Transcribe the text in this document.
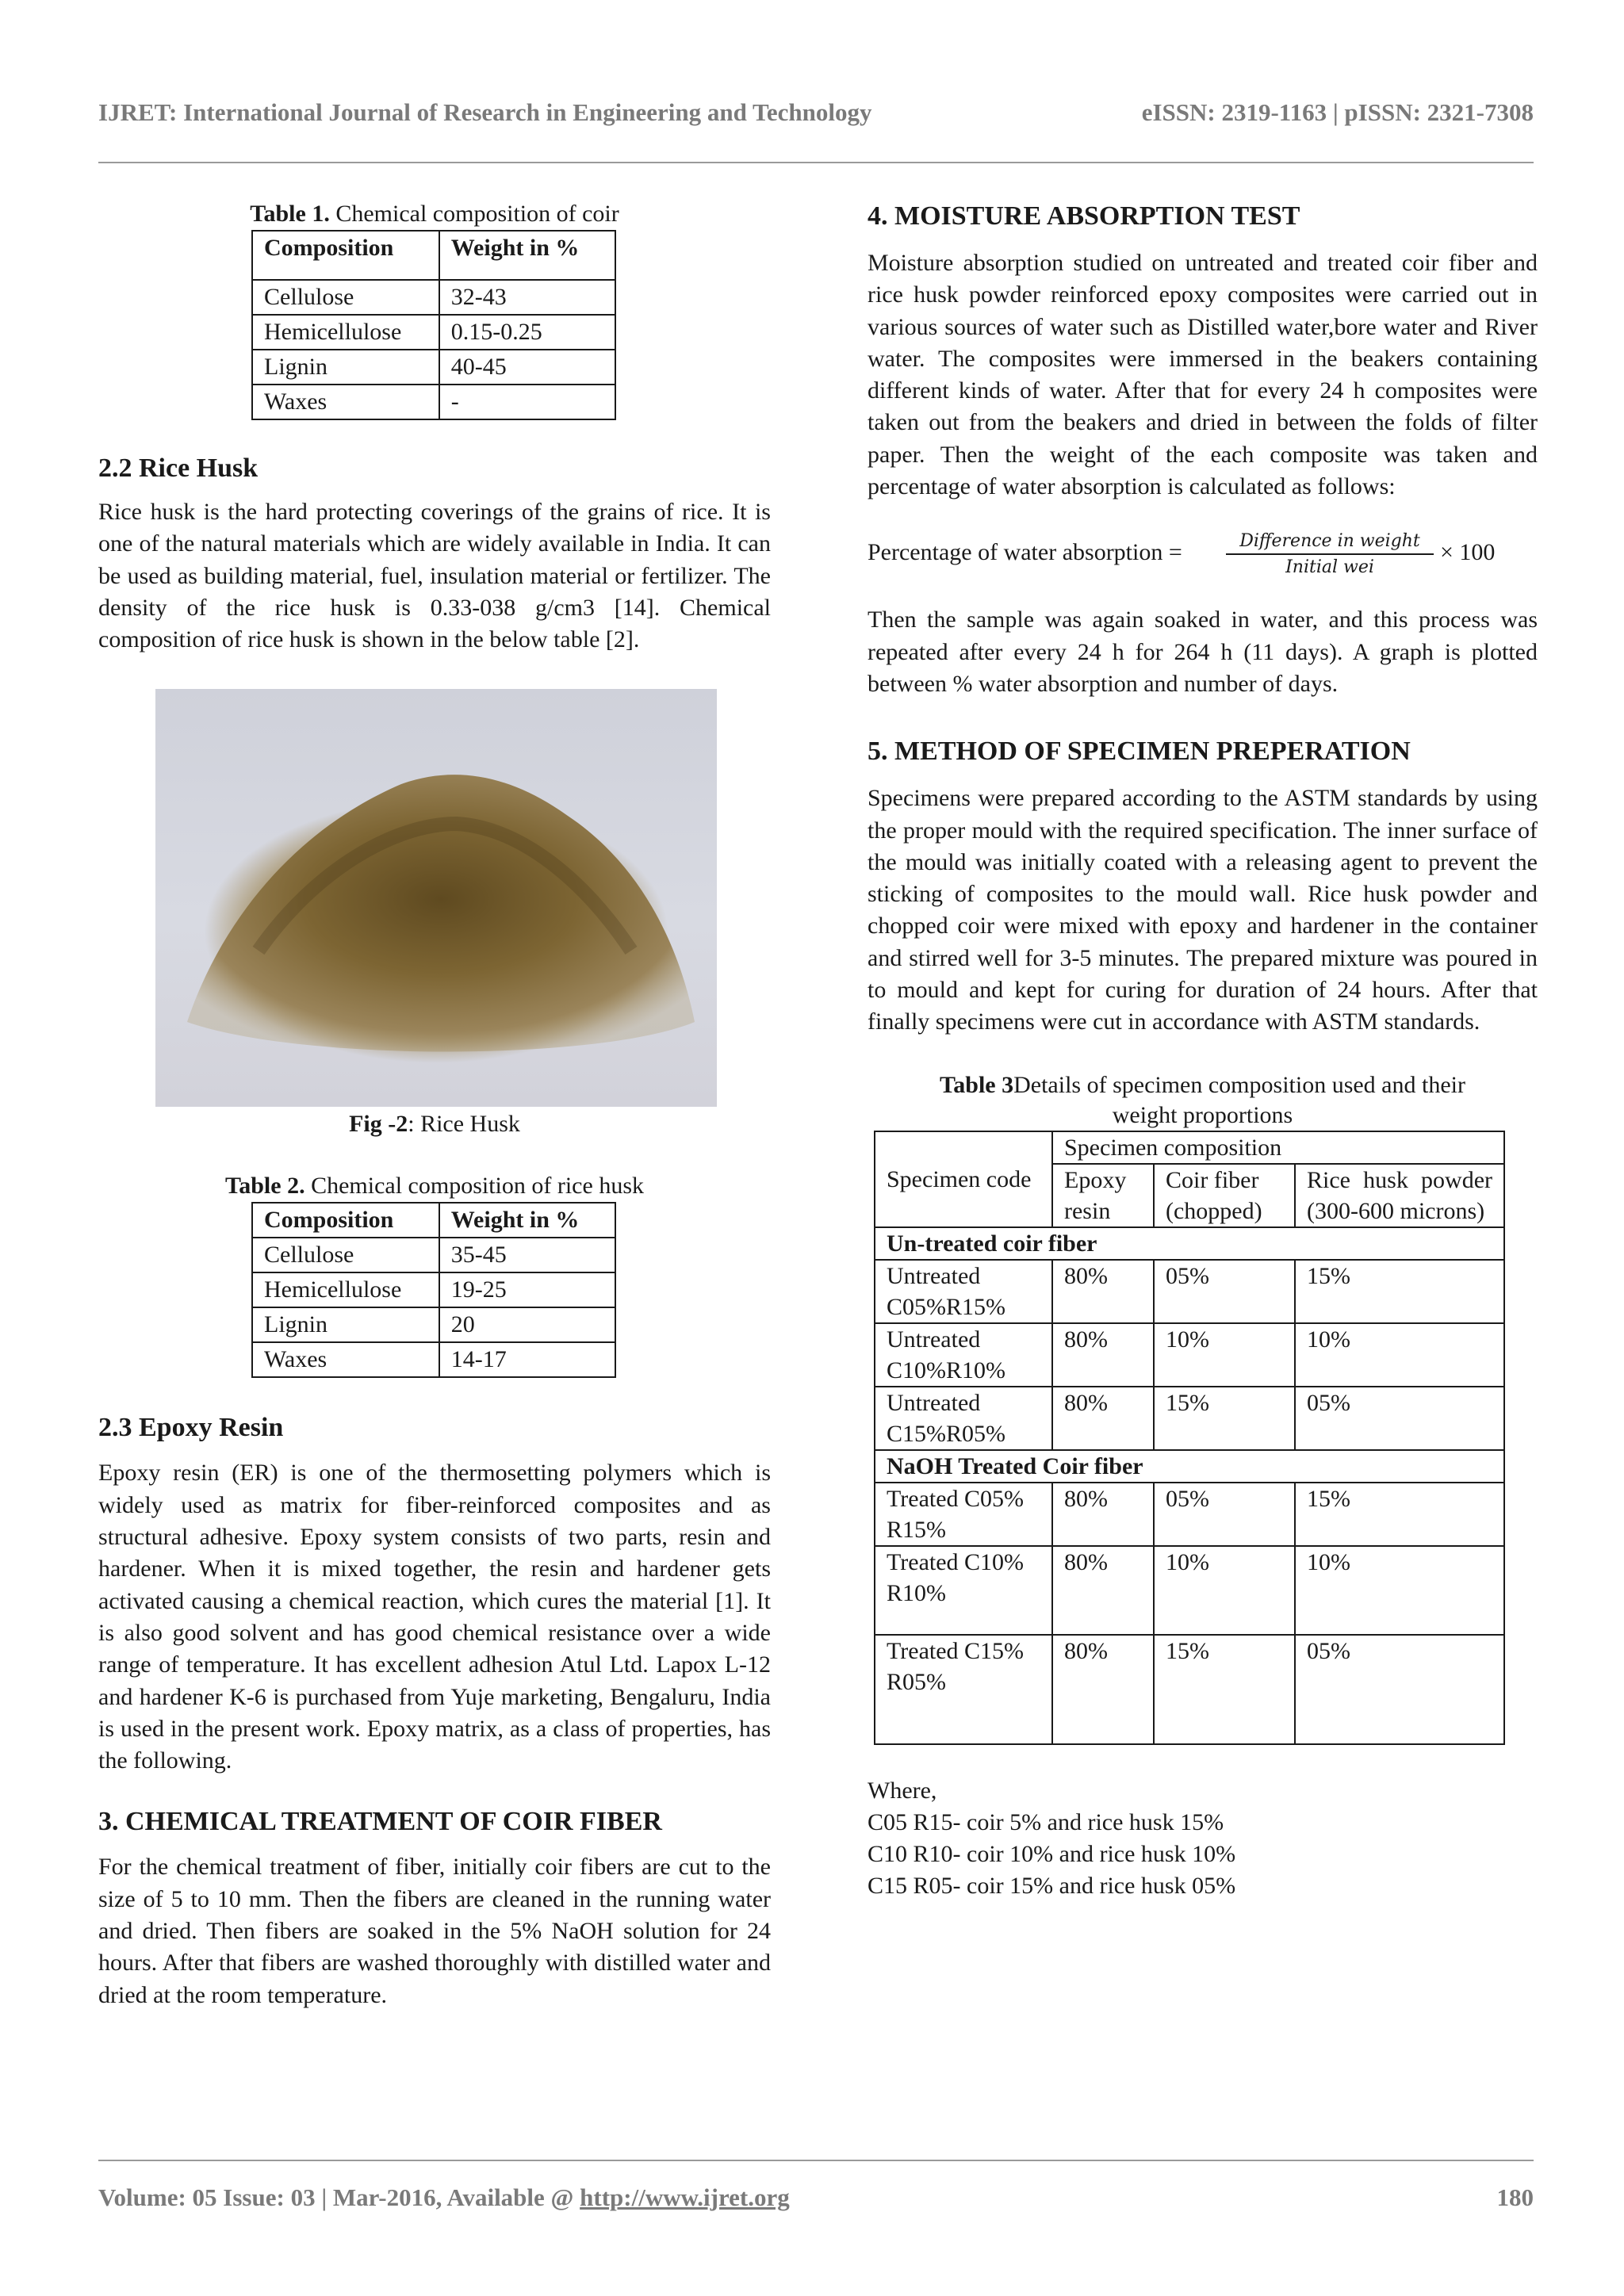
IJRET: International Journal of Research in Engineering and Technology	eISSN: 2319-1163 | pISSN: 2321-7308
Table 1. Chemical composition of coir
Composition	Weight in %
Cellulose	32-43
Hemicellulose	0.15-0.25
Lignin	40-45
Waxes	-
2.2 Rice Husk

Rice husk is the hard protecting coverings of the grains of rice. It is one of the natural materials which are widely available in India. It can be used as building material, fuel, insulation material or fertilizer. The density of the rice husk is 0.33-038 g/cm3 [14]. Chemical composition of rice husk is shown in the below table [2].

Fig -2: Rice Husk
Table 2. Chemical composition of rice husk
Composition	Weight in %
Cellulose	35-45
Hemicellulose	19-25
Lignin	20
Waxes	14-17
2.3 Epoxy Resin

Epoxy resin (ER) is one of the thermosetting polymers which is widely used as matrix for fiber-reinforced composites and as structural adhesive. Epoxy system consists of two parts, resin and hardener. When it is mixed together, the resin and hardener gets activated causing a chemical reaction, which cures the material [1]. It is also good solvent and has good chemical resistance over a wide range of temperature. It has excellent adhesion Atul Ltd. Lapox L-12 and hardener K-6 is purchased from Yuje marketing, Bengaluru, India is used in the present work. Epoxy matrix, as a class of properties, has the following.

3. CHEMICAL TREATMENT OF COIR FIBER

For the chemical treatment of fiber, initially coir fibers are cut to the size of 5 to 10 mm. Then the fibers are cleaned in the running water and dried. Then fibers are soaked in the 5% NaOH solution for 24 hours. After that fibers are washed thoroughly with distilled water and dried at the room temperature.

4. MOISTURE ABSORPTION TEST

Moisture absorption studied on untreated and treated coir fiber and rice husk powder reinforced epoxy composites were carried out in various sources of water such as Distilled water,bore water and River water. The composites were immersed in the beakers containing different kinds of water. After that for every 24 h composites were taken out from the beakers and dried in between the folds of filter paper. Then the weight of the each composite was taken and percentage of water absorption is calculated as follows:

Percentage of water absorption =	Difference in weight
Initial wei
× 100

Then the sample was again soaked in water, and this process was repeated after every 24 h for 264 h (11 days). A graph is plotted between % water absorption and number of days.

5. METHOD OF SPECIMEN PREPERATION

Specimens were prepared according to the ASTM standards by using the proper mould with the required specification. The inner surface of the mould was initially coated with a releasing agent to prevent the sticking of composites to the mould wall. Rice husk powder and chopped coir were mixed with epoxy and hardener in the container and stirred well for 3-5 minutes. The prepared mixture was poured in to mould and kept for curing for duration of 24 hours. After that finally specimens were cut in accordance with ASTM standards.

Table 3Details of specimen composition used and their
weight proportions
Specimen code	Specimen composition		
	Epoxy resin	Coir fiber (chopped)	Rice husk powder (300-600 microns)
Un-treated coir fiber			
Untreated C05%R15%	80%	05%	15%
Untreated C10%R10%	80%	10%	10%
Untreated C15%R05%	80%	15%	05%
NaOH Treated Coir fiber			
Treated C05% R15%	80%	05%	15%
Treated C10% R10%	80%	10%	10%
Treated C15% R05%	80%	15%	05%
Where,
C05 R15- coir 5% and rice husk 15%
C10 R10- coir 10% and rice husk 10%
C15 R05- coir 15% and rice husk 05%
Volume: 05 Issue: 03 | Mar-2016, Available @ http://www.ijret.org	180
